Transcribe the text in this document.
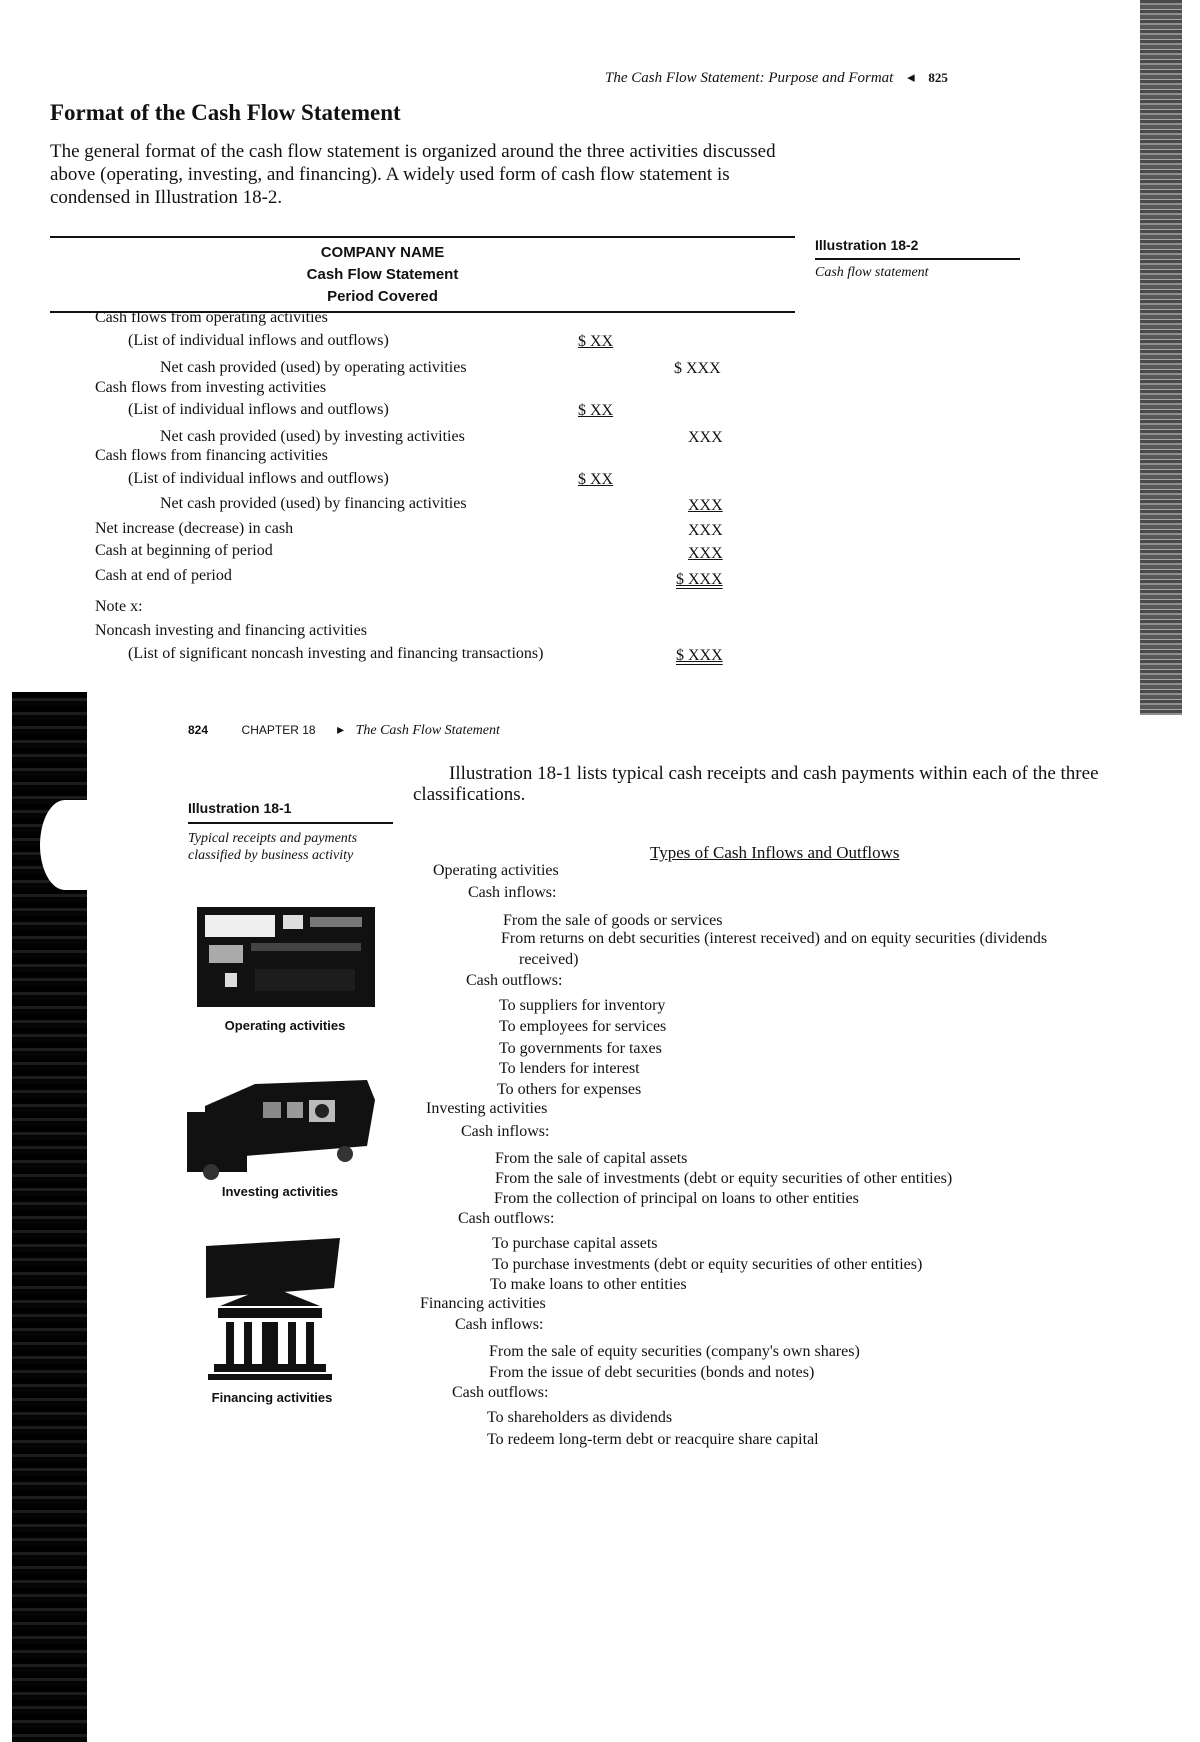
The Cash Flow Statement: Purpose and Format ◂ 825
Format of the Cash Flow Statement
The general format of the cash flow statement is organized around the three activities discussed above (operating, investing, and financing). A widely used form of cash flow statement is condensed in Illustration 18-2.
COMPANY NAME
Cash Flow Statement
Period Covered
Illustration 18-2
Cash flow statement
Cash flows from operating activities
(List of individual inflows and outflows)	$ XX
Net cash provided (used) by operating activities	$ XXX
Cash flows from investing activities
(List of individual inflows and outflows)	$ XX
Net cash provided (used) by investing activities	XXX
Cash flows from financing activities
(List of individual inflows and outflows)	$ XX
Net cash provided (used) by financing activities	XXX
Net increase (decrease) in cash	XXX
Cash at beginning of period	XXX
Cash at end of period	$ XXX
Note x:
Noncash investing and financing activities
(List of significant noncash investing and financing transactions)	$ XXX
824	CHAPTER 18 ▸ The Cash Flow Statement
Illustration 18-1 lists typical cash receipts and cash payments within each of the three classifications.
Illustration 18-1
Typical receipts and payments classified by business activity
Operating activities
Investing activities
Financing activities
Types of Cash Inflows and Outflows
Operating activities
Cash inflows:
From the sale of goods or services
From returns on debt securities (interest received) and on equity securities (dividends
received)
Cash outflows:
To suppliers for inventory
To employees for services
To governments for taxes
To lenders for interest
To others for expenses
Investing activities
Cash inflows:
From the sale of capital assets
From the sale of investments (debt or equity securities of other entities)
From the collection of principal on loans to other entities
Cash outflows:
To purchase capital assets
To purchase investments (debt or equity securities of other entities)
To make loans to other entities
Financing activities
Cash inflows:
From the sale of equity securities (company's own shares)
From the issue of debt securities (bonds and notes)
Cash outflows:
To shareholders as dividends
To redeem long-term debt or reacquire share capital
